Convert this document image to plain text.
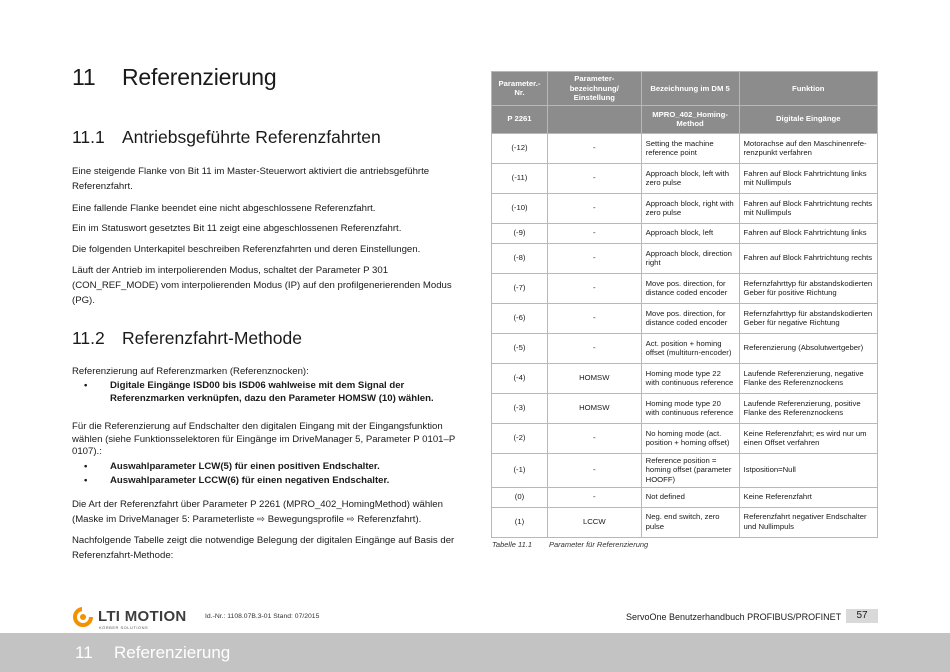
11 Referenzierung
11.1 Antriebsgeführte Referenzfahrten
Eine steigende Flanke von Bit 11 im Master-Steuerwort aktiviert die antriebsgeführte Referenzfahrt.
Eine fallende Flanke beendet eine nicht abgeschlossene Referenzfahrt.
Ein im Statuswort gesetztes Bit 11 zeigt eine abgeschlossenen Referenzfahrt.
Die folgenden Unterkapitel beschreiben Referenzfahrten und deren Einstellungen.
Läuft der Antrieb im interpolierenden Modus, schaltet der Parameter P 301 (CON_REF_MODE) vom interpolierenden Modus (IP) auf den profilgenerierenden Modus (PG).
11.2 Referenzfahrt-Methode
Referenzierung auf Referenzmarken (Referenznocken):
• Digitale Eingänge ISD00 bis ISD06 wahlweise mit dem Signal der Referenzmarken verknüpfen, dazu den Parameter HOMSW (10) wählen.
Für die Referenzierung auf Endschalter den digitalen Eingang mit der Eingangsfunktion wählen (siehe Funktionsselektoren für Eingänge im DriveManager 5, Parameter P 0101–P 0107).:
• Auswahlparameter LCW(5) für einen positiven Endschalter.
• Auswahlparameter LCCW(6) für einen negativen Endschalter.
Die Art der Referenzfahrt über Parameter P 2261 (MPRO_402_HomingMethod) wählen (Maske im DriveManager 5: Parameterliste ⇨ Bewegungsprofile ⇨ Referenzfahrt).
Nachfolgende Tabelle zeigt die notwendige Belegung der digitalen Eingänge auf Basis der Referenzfahrt-Methode:
Parameter.-Nr.	Parameter-bezeichnung/ Einstellung	Bezeichnung im DM 5	Funktion
P 2261		MPRO_402_Homing-Method	Digitale Eingänge
(-12)	-	Setting the machine reference point	Motorachse auf den Maschinenrefe-renzpunkt verfahren
(-11)	-	Approach block, left with zero pulse	Fahren auf Block Fahrtrichtung links mit Nullimpuls
(-10)	-	Approach block, right with zero pulse	Fahren auf Block Fahrtrichtung rechts mit Nullimpuls
(-9)	-	Approach block, left	Fahren auf Block Fahrtrichtung links
(-8)	-	Approach block, direction right	Fahren auf Block Fahrtrichtung rechts
(-7)	-	Move pos. direction, for distance coded encoder	Refernzfahrttyp für abstandskodierten Geber für positive Richtung
(-6)	-	Move pos. direction, for distance coded encoder	Refernzfahrttyp für abstandskodierten Geber für negative Richtung
(-5)	-	Act. position + homing offset (multiturn-encoder)	Referenzierung (Absolutwertgeber)
(-4)	HOMSW	Homing mode type 22 with continuous reference	Laufende Referenzierung, negative Flanke des Referenznockens
(-3)	HOMSW	Homing mode type 20 with continuous reference	Laufende Referenzierung, positive Flanke des Referenznockens
(-2)	-	No homing mode (act. position + homing offset)	Keine Referenzfahrt; es wird nur um einen Offset verfahren
(-1)	-	Reference position = homing offset (parameter HOOFF)	Istposition=Null
(0)	-	Not defined	Keine Referenzfahrt
(1)	LCCW	Neg. end switch, zero pulse	Referenzfahrt negativer Endschalter und Nullimpuls
Tabelle 11.1 Parameter für Referenzierung
LTI MOTION
KÖRBER SOLUTIONS
Id.-Nr.: 1108.07B.3-01 Stand: 07/2015	ServoOne Benutzerhandbuch PROFIBUS/PROFINET	57
11 Referenzierung
